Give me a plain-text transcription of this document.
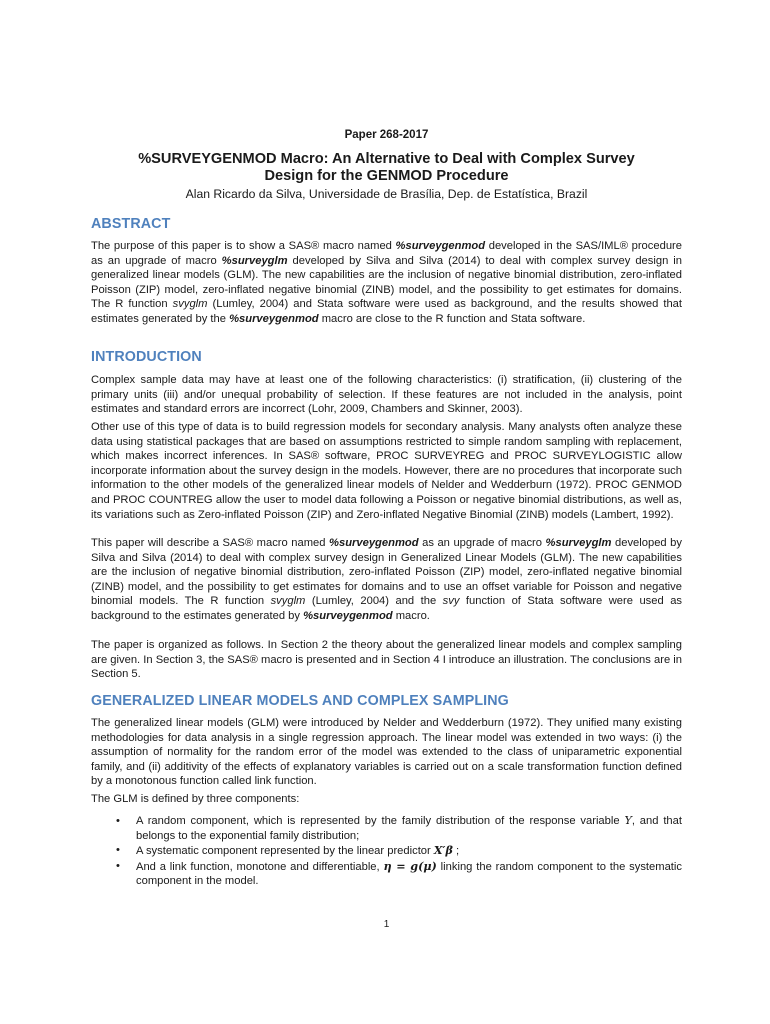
Paper 268-2017
%SURVEYGENMOD Macro: An Alternative to Deal with Complex Survey
Design for the GENMOD Procedure
Alan Ricardo da Silva, Universidade de Brasília, Dep. de Estatística, Brazil
ABSTRACT

The purpose of this paper is to show a SAS® macro named %surveygenmod developed in the SAS/IML® procedure as an upgrade of macro %surveyglm developed by Silva and Silva (2014) to deal with complex survey design in generalized linear models (GLM). The new capabilities are the inclusion of negative binomial distribution, zero-inflated Poisson (ZIP) model, zero-inflated negative binomial (ZINB) model, and the possibility to get estimates for domains. The R function svyglm (Lumley, 2004) and Stata software were used as background, and the results showed that estimates generated by the %surveygenmod macro are close to the R function and Stata software.

INTRODUCTION

Complex sample data may have at least one of the following characteristics: (i) stratification, (ii) clustering of the primary units (iii) and/or unequal probability of selection. If these features are not included in the analysis, point estimates and standard errors are incorrect (Lohr, 2009, Chambers and Skinner, 2003).

Other use of this type of data is to build regression models for secondary analysis. Many analysts often analyze these data using statistical packages that are based on assumptions restricted to simple random sampling with replacement, which makes incorrect inferences. In SAS® software, PROC SURVEYREG and PROC SURVEYLOGISTIC allow incorporate information about the survey design in the models. However, there are no procedures that incorporate such information to the other models of the generalized linear models of Nelder and Wedderburn (1972). PROC GENMOD and PROC COUNTREG allow the user to model data following a Poisson or negative binomial distributions, as well as, its variations such as Zero-inflated Poisson (ZIP) and Zero-inflated Negative Binomial (ZINB) models (Lambert, 1992).

This paper will describe a SAS® macro named %surveygenmod as an upgrade of macro %surveyglm developed by Silva and Silva (2014) to deal with complex survey design in Generalized Linear Models (GLM). The new capabilities are the inclusion of negative binomial distribution, zero-inflated Poisson (ZIP) model, zero-inflated negative binomial (ZINB) model, and the possibility to get estimates for domains and to use an offset variable for Poisson and negative binomial models. The R function svyglm (Lumley, 2004) and the svy function of Stata software were used as background to the estimates generated by %surveygenmod macro.

The paper is organized as follows. In Section 2 the theory about the generalized linear models and complex sampling are given. In Section 3, the SAS® macro is presented and in Section 4 I introduce an illustration. The conclusions are in Section 5.

GENERALIZED LINEAR MODELS AND COMPLEX SAMPLING

The generalized linear models (GLM) were introduced by Nelder and Wedderburn (1972). They unified many existing methodologies for data analysis in a single regression approach. The linear model was extended in two ways: (i) the assumption of normality for the random error of the model was extended to the class of uniparametric exponential family, and (ii) additivity of the effects of explanatory variables is carried out on a scale transformation function defined by a monotonous function called link function.

The GLM is defined by three components:

• A random component, which is represented by the family distribution of the response variable Y, and that belongs to the exponential family distribution;
• A systematic component represented by the linear predictor X′β ;
• And a link function, monotone and differentiable, η = g(μ) linking the random component to the systematic component in the model.
1
